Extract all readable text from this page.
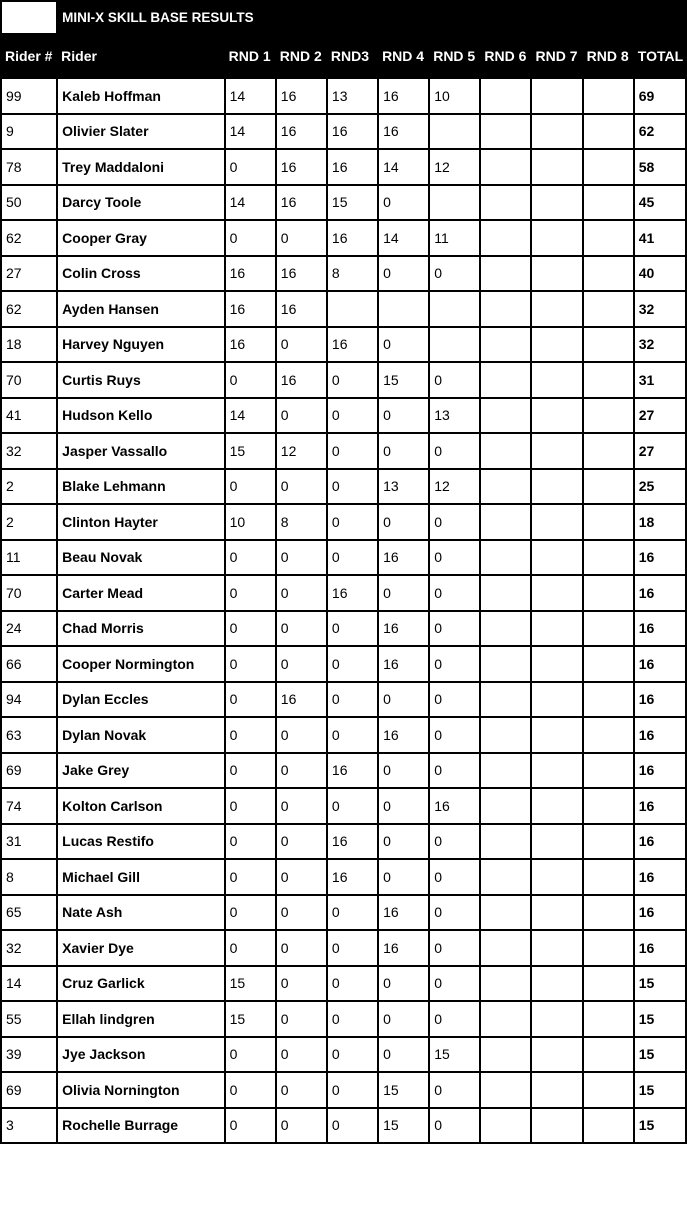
	MINI-X SKILL BASE RESULTS									
Rider #	Rider	RND 1	RND 2	RND3	RND 4	RND 5	RND 6	RND 7	RND 8	TOTAL
99	Kaleb Hoffman	14	16	13	16	10				69
9	Olivier Slater	14	16	16	16					62
78	Trey Maddaloni	0	16	16	14	12				58
50	Darcy Toole	14	16	15	0					45
62	Cooper Gray	0	0	16	14	11				41
27	Colin Cross	16	16	8	0	0				40
62	Ayden Hansen	16	16							32
18	Harvey Nguyen	16	0	16	0					32
70	Curtis Ruys	0	16	0	15	0				31
41	Hudson Kello	14	0	0	0	13				27
32	Jasper Vassallo	15	12	0	0	0				27
2	Blake Lehmann	0	0	0	13	12				25
2	Clinton Hayter	10	8	0	0	0				18
11	Beau Novak	0	0	0	16	0				16
70	Carter Mead	0	0	16	0	0				16
24	Chad Morris	0	0	0	16	0				16
66	Cooper Normington	0	0	0	16	0				16
94	Dylan Eccles	0	16	0	0	0				16
63	Dylan Novak	0	0	0	16	0				16
69	Jake Grey	0	0	16	0	0				16
74	Kolton Carlson	0	0	0	0	16				16
31	Lucas Restifo	0	0	16	0	0				16
8	Michael Gill	0	0	16	0	0				16
65	Nate Ash	0	0	0	16	0				16
32	Xavier Dye	0	0	0	16	0				16
14	Cruz Garlick	15	0	0	0	0				15
55	Ellah lindgren	15	0	0	0	0				15
39	Jye Jackson	0	0	0	0	15				15
69	Olivia Nornington	0	0	0	15	0				15
3	Rochelle Burrage	0	0	0	15	0				15
